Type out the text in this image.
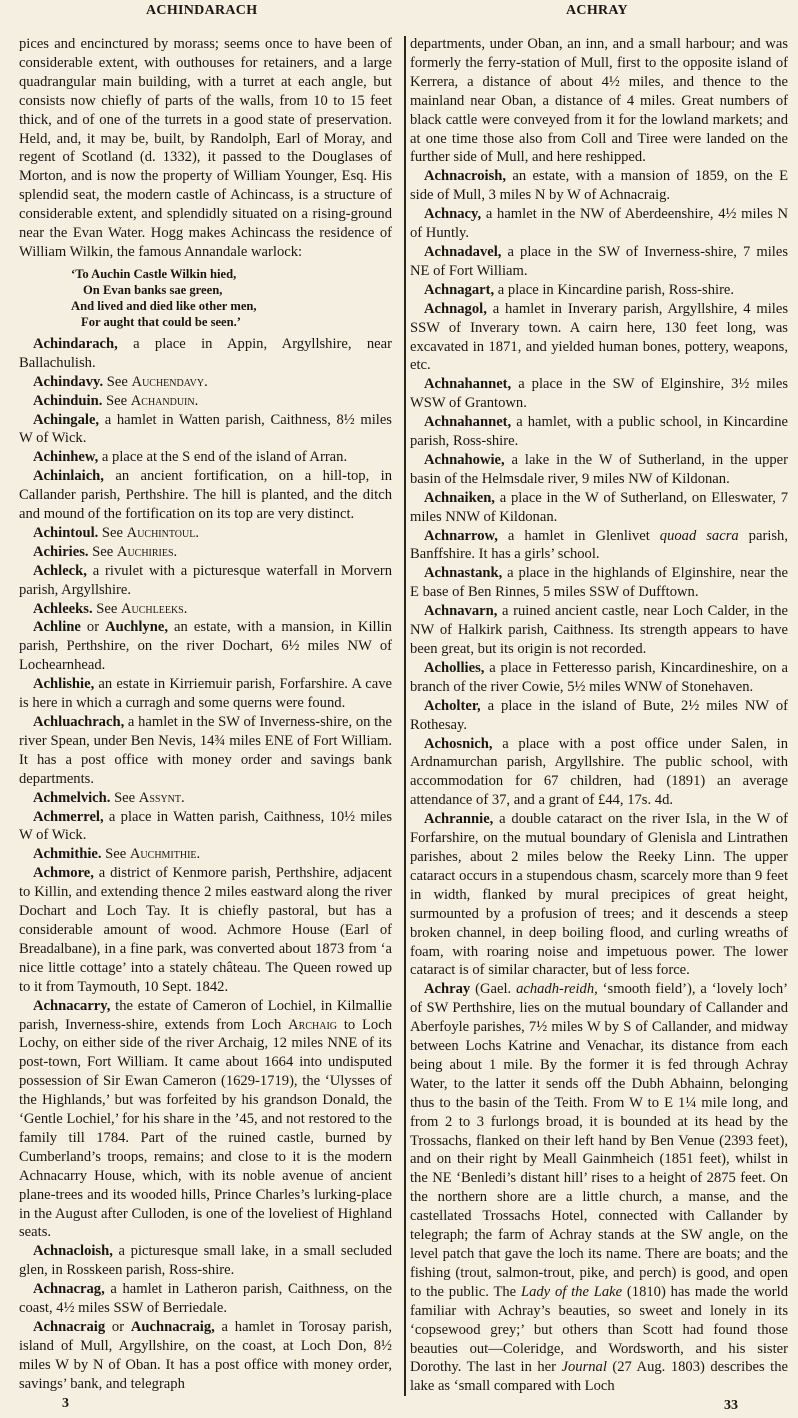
ACHINDARACH	ACHRAY

pices and encinctured by morass; seems once to have been of considerable extent, with outhouses for retainers, and a large quadrangular main building, with a turret at each angle, but consists now chiefly of parts of the walls, from 10 to 15 feet thick, and of one of the turrets in a good state of preservation. Held, and, it may be, built, by Randolph, Earl of Moray, and regent of Scotland (d. 1332), it passed to the Douglases of Morton, and is now the property of William Younger, Esq. His splendid seat, the modern castle of Achincass, is a structure of considerable extent, and splendidly situated on a rising-ground near the Evan Water. Hogg makes Achincass the residence of William Wilkin, the famous Annandale warlock:

‘To Auchin Castle Wilkin hied,
On Evan banks sae green,
And lived and died like other men,
For aught that could be seen.’

Achindarach, a place in Appin, Argyllshire, near Ballachulish.

Achindavy. See Auchendavy.

Achinduin. See Achanduin.

Achingale, a hamlet in Watten parish, Caithness, 8½ miles W of Wick.

Achinhew, a place at the S end of the island of Arran.

Achinlaich, an ancient fortification, on a hill-top, in Callander parish, Perthshire. The hill is planted, and the ditch and mound of the fortification on its top are very distinct.

Achintoul. See Auchintoul.

Achiries. See Auchiries.

Achleck, a rivulet with a picturesque waterfall in Morvern parish, Argyllshire.

Achleeks. See Auchleeks.

Achline or Auchlyne, an estate, with a mansion, in Killin parish, Perthshire, on the river Dochart, 6½ miles NW of Lochearnhead.

Achlishie, an estate in Kirriemuir parish, Forfarshire. A cave is here in which a curragh and some querns were found.

Achluachrach, a hamlet in the SW of Inverness-shire, on the river Spean, under Ben Nevis, 14¾ miles ENE of Fort William. It has a post office with money order and savings bank departments.

Achmelvich. See Assynt.

Achmerrel, a place in Watten parish, Caithness, 10½ miles W of Wick.

Achmithie. See Auchmithie.

Achmore, a district of Kenmore parish, Perthshire, adjacent to Killin, and extending thence 2 miles eastward along the river Dochart and Loch Tay. It is chiefly pastoral, but has a considerable amount of wood. Achmore House (Earl of Breadalbane), in a fine park, was converted about 1873 from ‘a nice little cottage’ into a stately château. The Queen rowed up to it from Taymouth, 10 Sept. 1842.

Achnacarry, the estate of Cameron of Lochiel, in Kilmallie parish, Inverness-shire, extends from Loch Archaig to Loch Lochy, on either side of the river Archaig, 12 miles NNE of its post-town, Fort William. It came about 1664 into undisputed possession of Sir Ewan Cameron (1629-1719), the ‘Ulysses of the Highlands,’ but was forfeited by his grandson Donald, the ‘Gentle Lochiel,’ for his share in the ’45, and not restored to the family till 1784. Part of the ruined castle, burned by Cumberland’s troops, remains; and close to it is the modern Achnacarry House, which, with its noble avenue of ancient plane-trees and its wooded hills, Prince Charles’s lurking-place in the August after Culloden, is one of the loveliest of Highland seats.

Achnacloish, a picturesque small lake, in a small secluded glen, in Rosskeen parish, Ross-shire.

Achnacrag, a hamlet in Latheron parish, Caithness, on the coast, 4½ miles SSW of Berriedale.

Achnacraig or Auchnacraig, a hamlet in Torosay parish, island of Mull, Argyllshire, on the coast, at Loch Don, 8½ miles W by N of Oban. It has a post office with money order, savings’ bank, and telegraph

departments, under Oban, an inn, and a small harbour; and was formerly the ferry-station of Mull, first to the opposite island of Kerrera, a distance of about 4½ miles, and thence to the mainland near Oban, a distance of 4 miles. Great numbers of black cattle were conveyed from it for the lowland markets; and at one time those also from Coll and Tiree were landed on the further side of Mull, and here reshipped.

Achnacroish, an estate, with a mansion of 1859, on the E side of Mull, 3 miles N by W of Achnacraig.

Achnacy, a hamlet in the NW of Aberdeenshire, 4½ miles N of Huntly.

Achnadavel, a place in the SW of Inverness-shire, 7 miles NE of Fort William.

Achnagart, a place in Kincardine parish, Ross-shire.

Achnagol, a hamlet in Inverary parish, Argyllshire, 4 miles SSW of Inverary town. A cairn here, 130 feet long, was excavated in 1871, and yielded human bones, pottery, weapons, etc.

Achnahannet, a place in the SW of Elginshire, 3½ miles WSW of Grantown.

Achnahannet, a hamlet, with a public school, in Kincardine parish, Ross-shire.

Achnahowie, a lake in the W of Sutherland, in the upper basin of the Helmsdale river, 9 miles NW of Kildonan.

Achnaiken, a place in the W of Sutherland, on Elleswater, 7 miles NNW of Kildonan.

Achnarrow, a hamlet in Glenlivet quoad sacra parish, Banffshire. It has a girls’ school.

Achnastank, a place in the highlands of Elginshire, near the E base of Ben Rinnes, 5 miles SSW of Dufftown.

Achnavarn, a ruined ancient castle, near Loch Calder, in the NW of Halkirk parish, Caithness. Its strength appears to have been great, but its origin is not recorded.

Achollies, a place in Fetteresso parish, Kincardineshire, on a branch of the river Cowie, 5½ miles WNW of Stonehaven.

Acholter, a place in the island of Bute, 2½ miles NW of Rothesay.

Achosnich, a place with a post office under Salen, in Ardnamurchan parish, Argyllshire. The public school, with accommodation for 67 children, had (1891) an average attendance of 37, and a grant of £44, 17s. 4d.

Achrannie, a double cataract on the river Isla, in the W of Forfarshire, on the mutual boundary of Glenisla and Lintrathen parishes, about 2 miles below the Reeky Linn. The upper cataract occurs in a stupendous chasm, scarcely more than 9 feet in width, flanked by mural precipices of great height, surmounted by a profusion of trees; and it descends a steep broken channel, in deep boiling flood, and curling wreaths of foam, with roaring noise and impetuous power. The lower cataract is of similar character, but of less force.

Achray (Gael. achadh-reidh, ‘smooth field’), a ‘lovely loch’ of SW Perthshire, lies on the mutual boundary of Callander and Aberfoyle parishes, 7½ miles W by S of Callander, and midway between Lochs Katrine and Venachar, its distance from each being about 1 mile. By the former it is fed through Achray Water, to the latter it sends off the Dubh Abhainn, belonging thus to the basin of the Teith. From W to E 1¼ mile long, and from 2 to 3 furlongs broad, it is bounded at its head by the Trossachs, flanked on their left hand by Ben Venue (2393 feet), and on their right by Meall Gainmheich (1851 feet), whilst in the NE ‘Benledi’s distant hill’ rises to a height of 2875 feet. On the northern shore are a little church, a manse, and the castellated Trossachs Hotel, connected with Callander by telegraph; the farm of Achray stands at the SW angle, on the level patch that gave the loch its name. There are boats; and the fishing (trout, salmon-trout, pike, and perch) is good, and open to the public. The Lady of the Lake (1810) has made the world familiar with Achray’s beauties, so sweet and lonely in its ‘copsewood grey;’ but others than Scott had found those beauties out—Coleridge, and Wordsworth, and his sister Dorothy. The last in her Journal (27 Aug. 1803) describes the lake as ‘small compared with Loch

3	33
